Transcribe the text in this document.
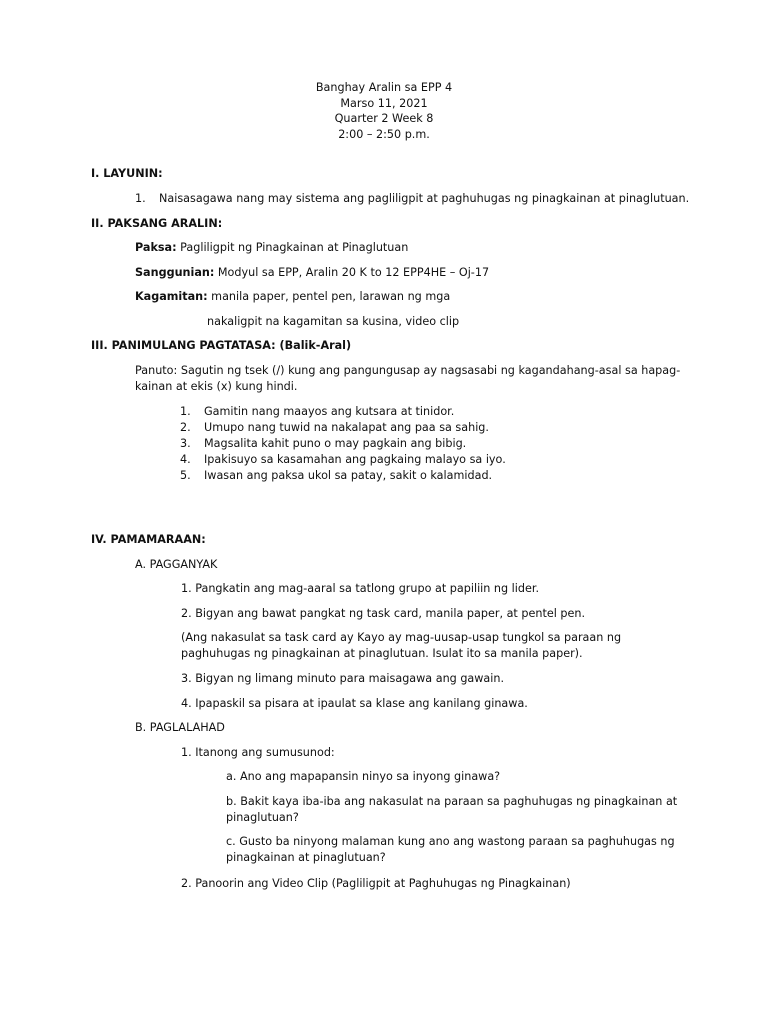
Banghay Aralin sa EPP 4
Marso 11, 2021
Quarter 2 Week 8
2:00 – 2:50 p.m.
I. LAYUNIN:
1. Naisasagawa nang may sistema ang pagliligpit at paghuhugas ng pinagkainan at pinaglutuan.
II. PAKSANG ARALIN:
Paksa: Pagliligpit ng Pinagkainan at Pinaglutuan
Sanggunian: Modyul sa EPP, Aralin 20 K to 12 EPP4HE – Oj-17
Kagamitan: manila paper, pentel pen, larawan ng mga
nakaligpit na kagamitan sa kusina, video clip
III. PANIMULANG PAGTATASA: (Balik-Aral)
Panuto: Sagutin ng tsek (/) kung ang pangungusap ay nagsasabi ng kagandahang-asal sa hapag-
kainan at ekis (x) kung hindi.
1. Gamitin nang maayos ang kutsara at tinidor.
2. Umupo nang tuwid na nakalapat ang paa sa sahig.
3. Magsalita kahit puno o may pagkain ang bibig.
4. Ipakisuyo sa kasamahan ang pagkaing malayo sa iyo.
5. Iwasan ang paksa ukol sa patay, sakit o kalamidad.
IV. PAMAMARAAN:
A. PAGGANYAK
1. Pangkatin ang mag-aaral sa tatlong grupo at papiliin ng lider.
2. Bigyan ang bawat pangkat ng task card, manila paper, at pentel pen.
(Ang nakasulat sa task card ay Kayo ay mag-uusap-usap tungkol sa paraan ng
paghuhugas ng pinagkainan at pinaglutuan. Isulat ito sa manila paper).
3. Bigyan ng limang minuto para maisagawa ang gawain.
4. Ipapaskil sa pisara at ipaulat sa klase ang kanilang ginawa.
B. PAGLALAHAD
1. Itanong ang sumusunod:
a. Ano ang mapapansin ninyo sa inyong ginawa?
b. Bakit kaya iba-iba ang nakasulat na paraan sa paghuhugas ng pinagkainan at
pinaglutuan?
c. Gusto ba ninyong malaman kung ano ang wastong paraan sa paghuhugas ng
pinagkainan at pinaglutuan?
2. Panoorin ang Video Clip (Pagliligpit at Paghuhugas ng Pinagkainan)
